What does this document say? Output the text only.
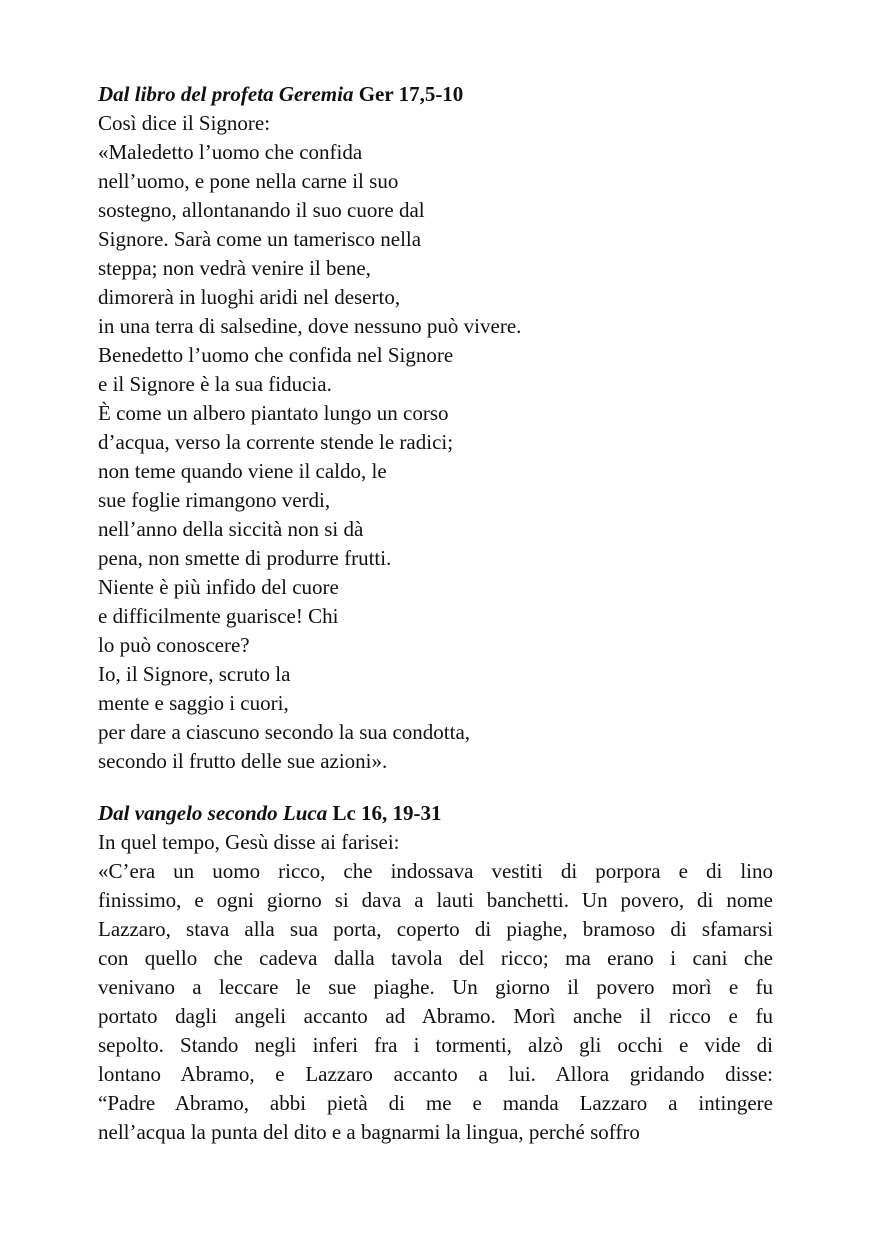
Dal libro del profeta Geremia Ger 17,5-10

Così dice il Signore:
«Maledetto l’uomo che confida
nell’uomo, e pone nella carne il suo
sostegno, allontanando il suo cuore dal
Signore. Sarà come un tamerisco nella
steppa; non vedrà venire il bene,
dimorerà in luoghi aridi nel deserto,
in una terra di salsedine, dove nessuno può vivere.
Benedetto l’uomo che confida nel Signore
e il Signore è la sua fiducia.
È come un albero piantato lungo un corso
d’acqua, verso la corrente stende le radici;
non teme quando viene il caldo, le
sue foglie rimangono verdi,
nell’anno della siccità non si dà
pena, non smette di produrre frutti.
Niente è più infido del cuore
e difficilmente guarisce! Chi
lo può conoscere?
Io, il Signore, scruto la
mente e saggio i cuori,
per dare a ciascuno secondo la sua condotta,
secondo il frutto delle sue azioni».

Dal vangelo secondo Luca Lc 16, 19-31

In quel tempo, Gesù disse ai farisei:
«C’era un uomo ricco, che indossava vestiti di porpora e di lino
finissimo, e ogni giorno si dava a lauti banchetti. Un povero, di nome
Lazzaro, stava alla sua porta, coperto di piaghe, bramoso di sfamarsi
con quello che cadeva dalla tavola del ricco; ma erano i cani che
venivano a leccare le sue piaghe. Un giorno il povero morì e fu
portato dagli angeli accanto ad Abramo. Morì anche il ricco e fu
sepolto. Stando negli inferi fra i tormenti, alzò gli occhi e vide di
lontano Abramo, e Lazzaro accanto a lui. Allora gridando disse:
“Padre Abramo, abbi pietà di me e manda Lazzaro a intingere
nell’acqua la punta del dito e a bagnarmi la lingua, perché soffro
